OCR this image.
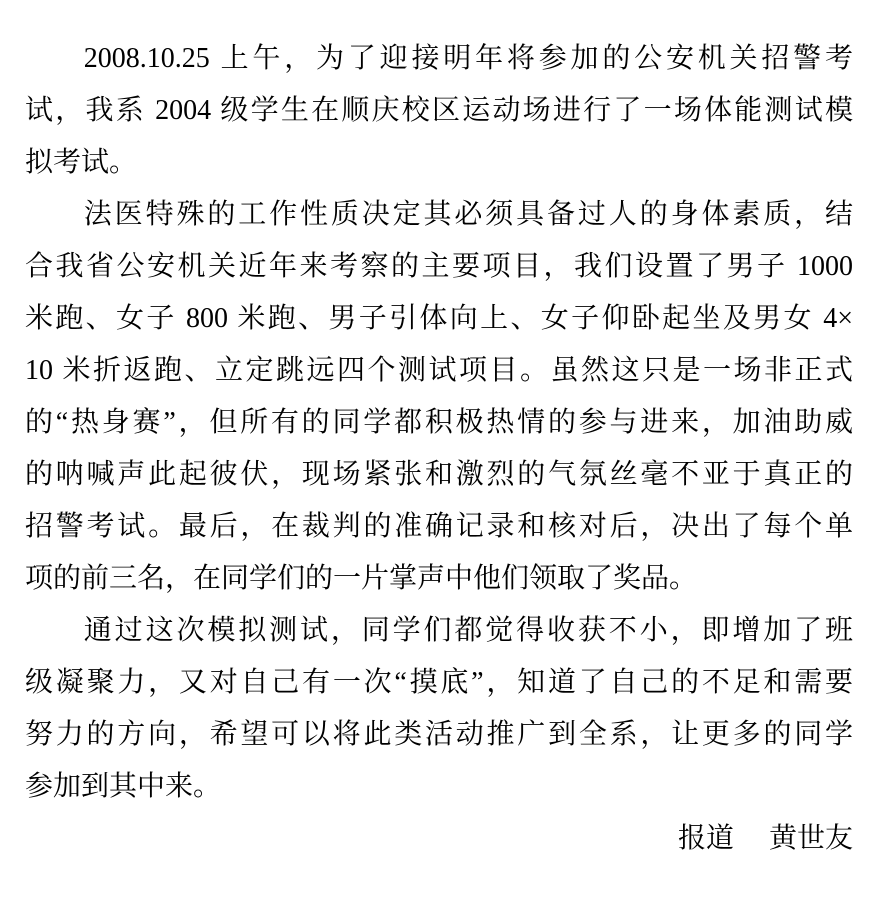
2008.10.25 上午，为了迎接明年将参加的公安机关招警考
试，我系 2004 级学生在顺庆校区运动场进行了一场体能测试模
拟考试。
法医特殊的工作性质决定其必须具备过人的身体素质，结
合我省公安机关近年来考察的主要项目，我们设置了男子 1000
米跑、女子 800 米跑、男子引体向上、女子仰卧起坐及男女 4×
10 米折返跑、立定跳远四个测试项目。虽然这只是一场非正式
的“热身赛”，但所有的同学都积极热情的参与进来，加油助威
的呐喊声此起彼伏，现场紧张和激烈的气氛丝毫不亚于真正的
招警考试。最后，在裁判的准确记录和核对后，决出了每个单
项的前三名，在同学们的一片掌声中他们领取了奖品。
通过这次模拟测试，同学们都觉得收获不小，即增加了班
级凝聚力，又对自己有一次“摸底”，知道了自己的不足和需要
努力的方向，希望可以将此类活动推广到全系，让更多的同学
参加到其中来。
报道　 黄世友
